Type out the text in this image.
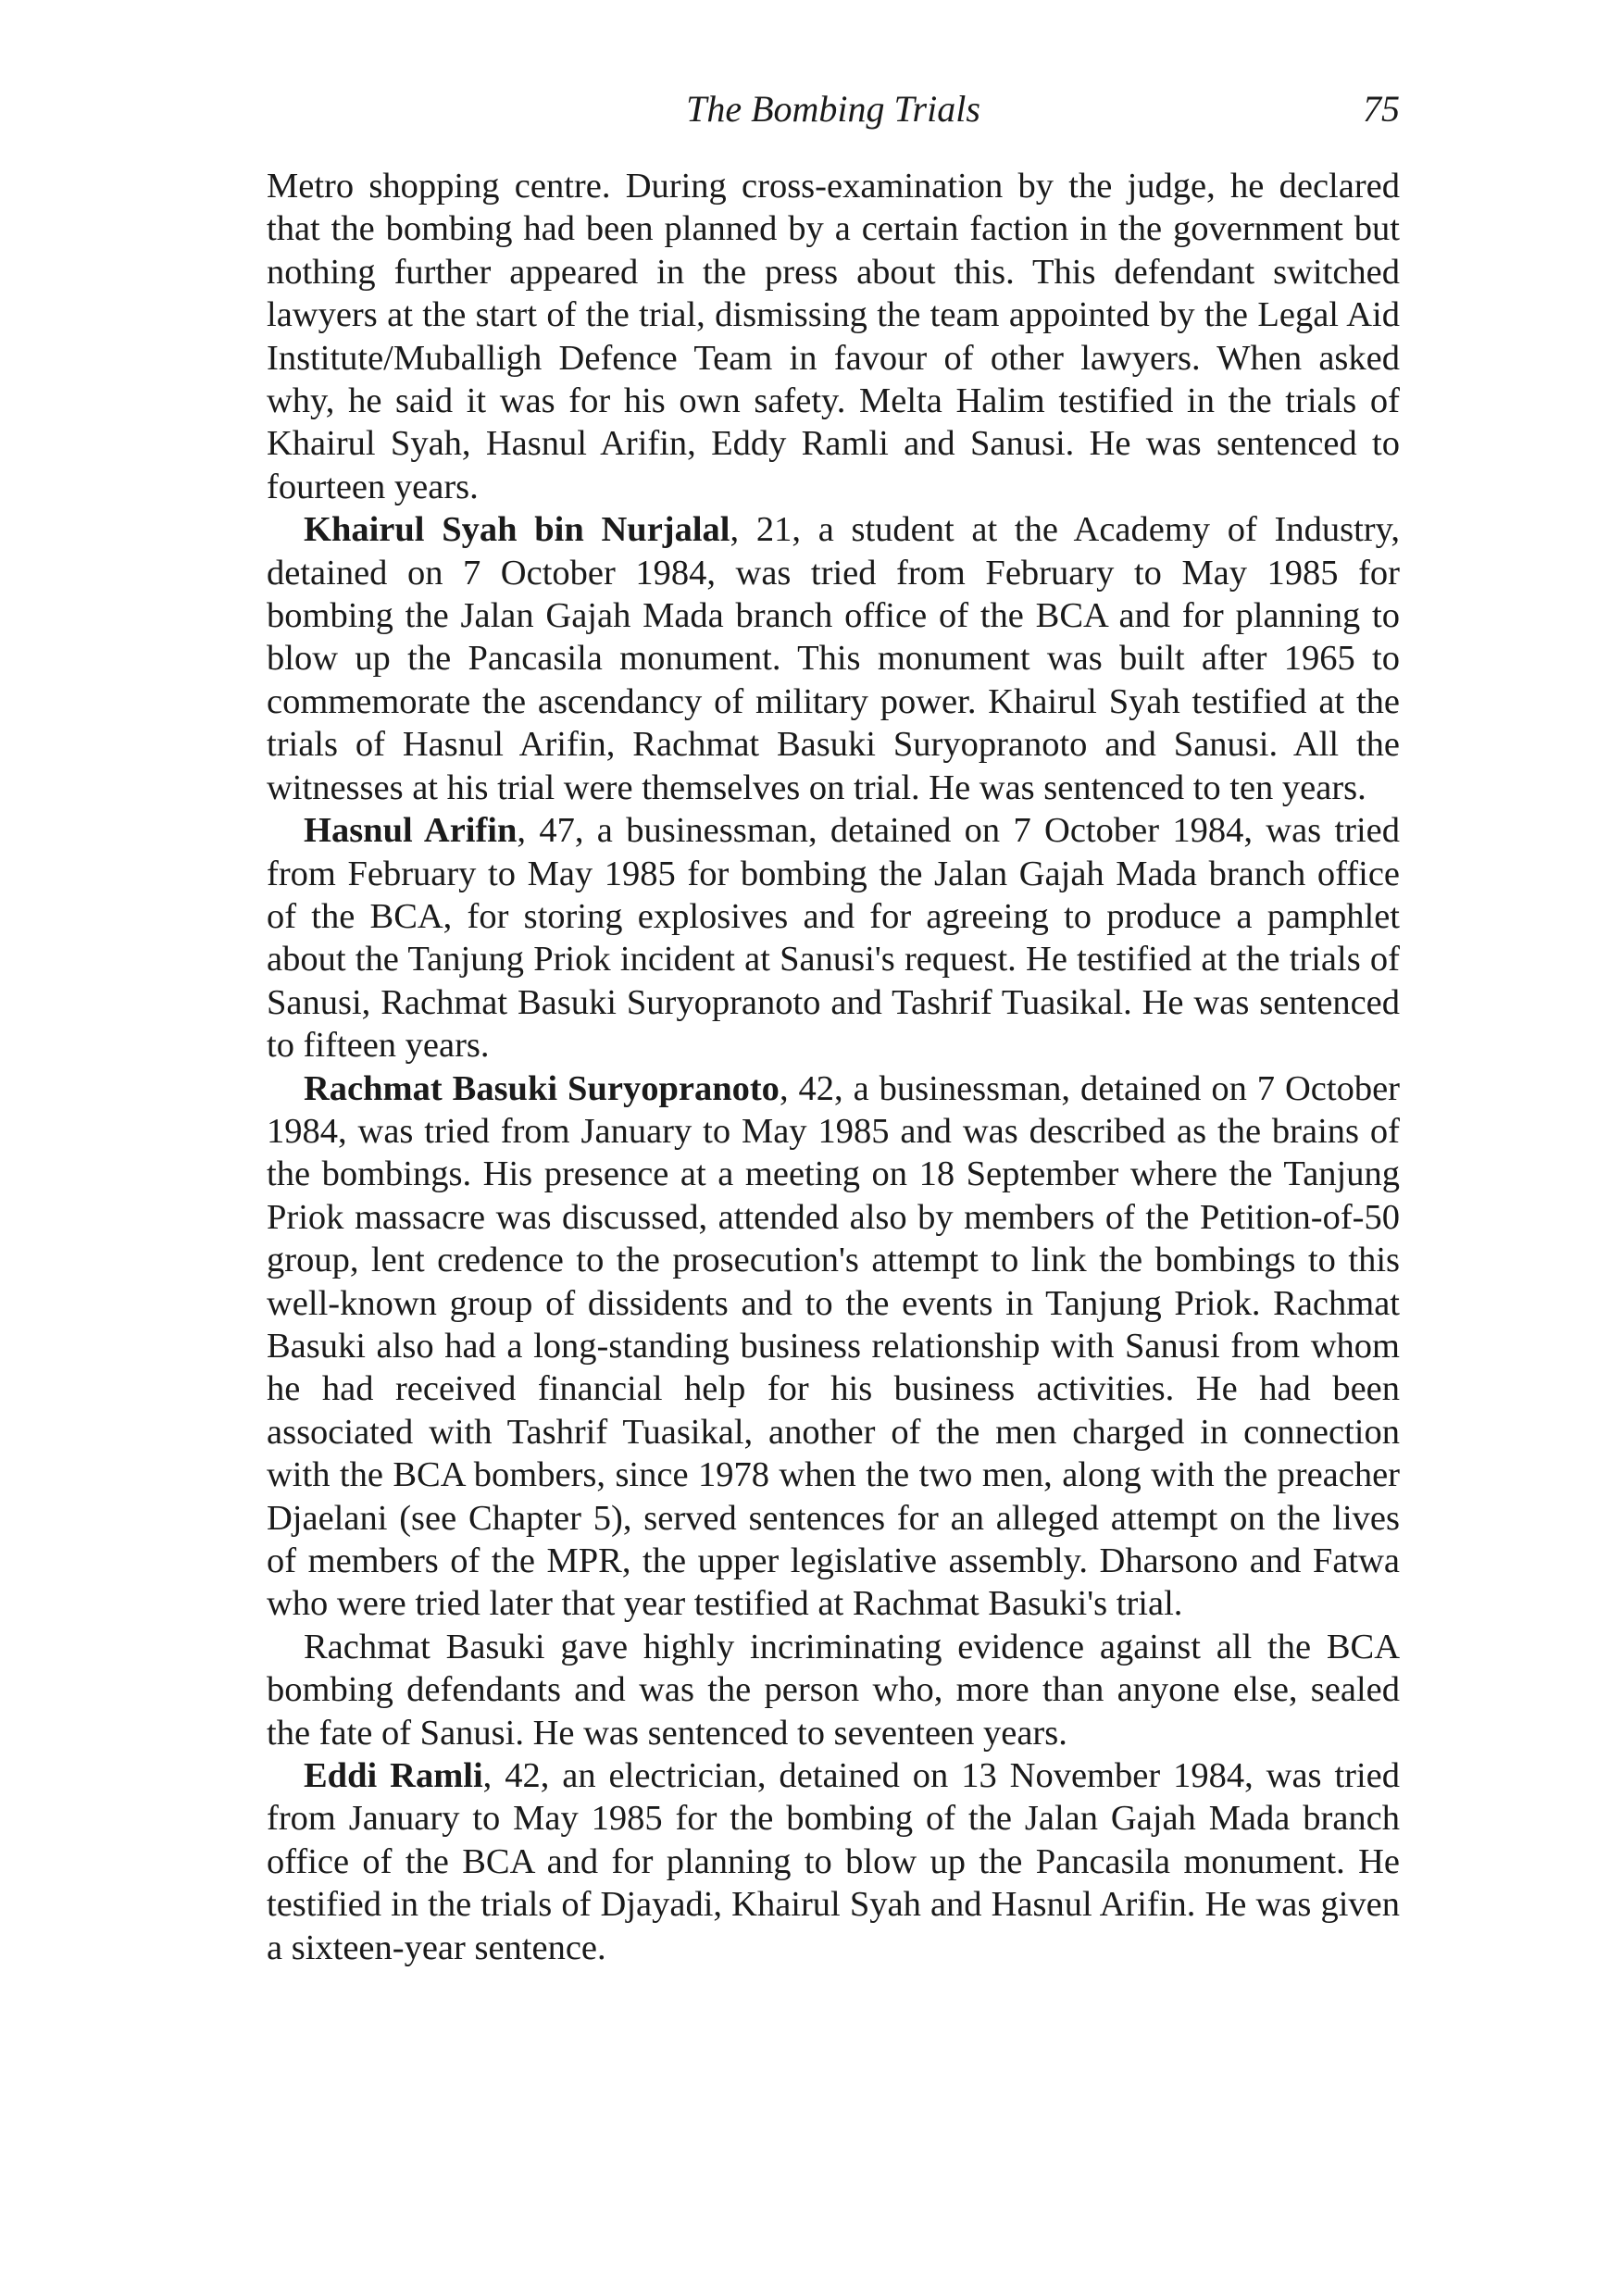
The Bombing Trials	75

Metro shopping centre. During cross-examination by the judge, he declared that the bombing had been planned by a certain faction in the government but nothing further appeared in the press about this. This defendant switched lawyers at the start of the trial, dismissing the team appointed by the Legal Aid Institute/Muballigh Defence Team in favour of other lawyers. When asked why, he said it was for his own safety. Melta Halim testified in the trials of Khairul Syah, Hasnul Arifin, Eddy Ramli and Sanusi. He was sentenced to fourteen years.

Khairul Syah bin Nurjalal, 21, a student at the Academy of Industry, detained on 7 October 1984, was tried from February to May 1985 for bombing the Jalan Gajah Mada branch office of the BCA and for planning to blow up the Pancasila monument. This monument was built after 1965 to commemorate the ascendancy of military power. Khairul Syah testified at the trials of Hasnul Arifin, Rachmat Basuki Suryopranoto and Sanusi. All the witnesses at his trial were themselves on trial. He was sentenced to ten years.

Hasnul Arifin, 47, a businessman, detained on 7 October 1984, was tried from February to May 1985 for bombing the Jalan Gajah Mada branch office of the BCA, for storing explosives and for agreeing to produce a pamphlet about the Tanjung Priok incident at Sanusi's request. He testified at the trials of Sanusi, Rachmat Basuki Suryopranoto and Tashrif Tuasikal. He was sentenced to fifteen years.

Rachmat Basuki Suryopranoto, 42, a businessman, detained on 7 October 1984, was tried from January to May 1985 and was described as the brains of the bombings. His presence at a meeting on 18 September where the Tanjung Priok massacre was discussed, attended also by members of the Petition-of-50 group, lent credence to the prosecution's attempt to link the bombings to this well-known group of dissidents and to the events in Tanjung Priok. Rachmat Basuki also had a long-standing business relationship with Sanusi from whom he had received financial help for his business activities. He had been associated with Tashrif Tuasikal, another of the men charged in connection with the BCA bombers, since 1978 when the two men, along with the preacher Djaelani (see Chapter 5), served sentences for an alleged attempt on the lives of members of the MPR, the upper legislative assembly. Dharsono and Fatwa who were tried later that year testified at Rachmat Basuki's trial.

Rachmat Basuki gave highly incriminating evidence against all the BCA bombing defendants and was the person who, more than anyone else, sealed the fate of Sanusi. He was sentenced to seventeen years.

Eddi Ramli, 42, an electrician, detained on 13 November 1984, was tried from January to May 1985 for the bombing of the Jalan Gajah Mada branch office of the BCA and for planning to blow up the Pancasila monument. He testified in the trials of Djayadi, Khairul Syah and Hasnul Arifin. He was given a sixteen-year sentence.
